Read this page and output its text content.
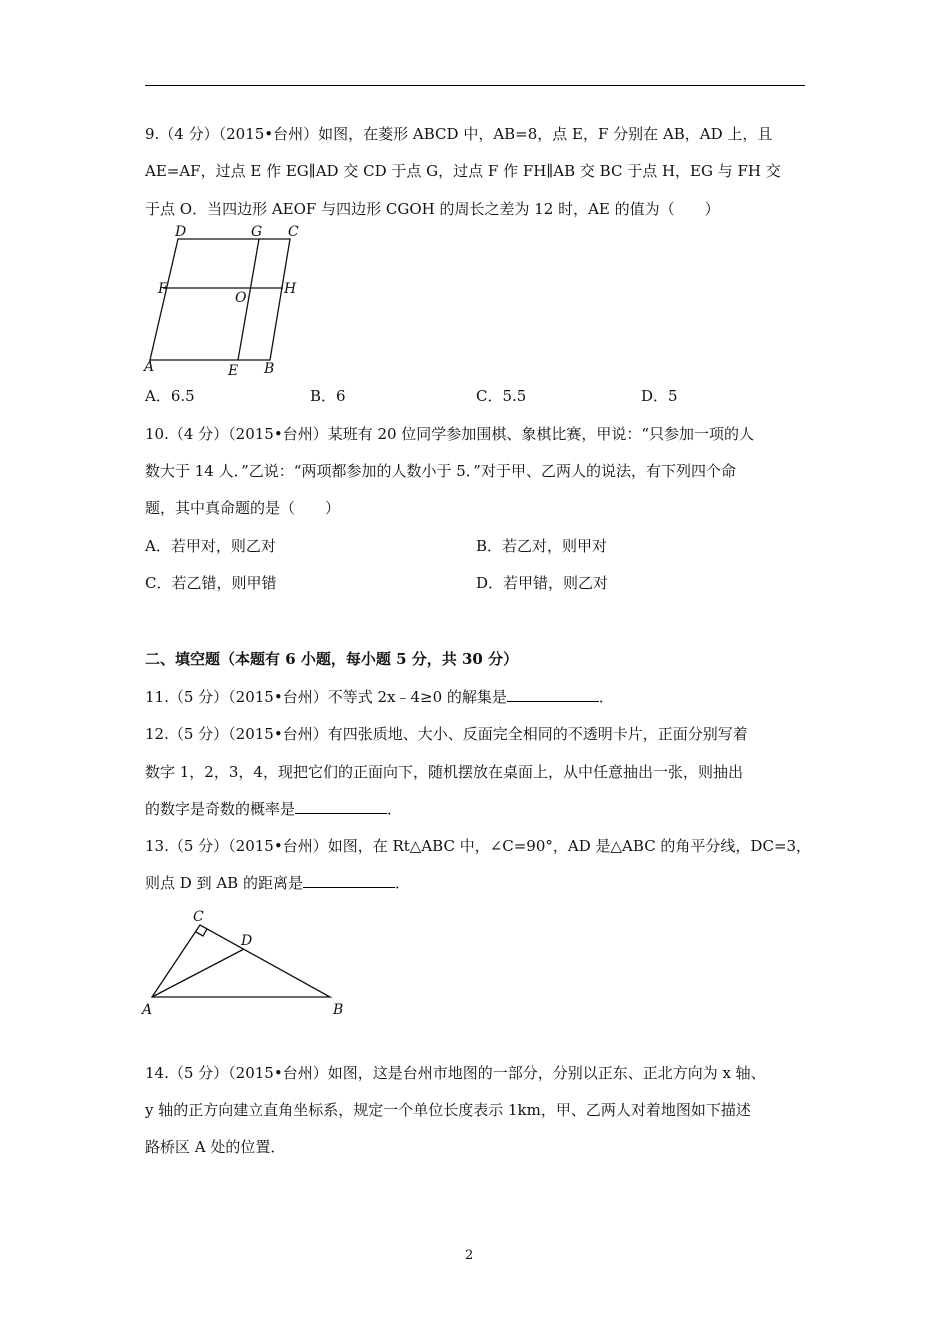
9.（4 分）（2015•台州）如图，在菱形 ABCD 中，AB=8，点 E，F 分别在 AB，AD 上，且
AE=AF，过点 E 作 EG∥AD 交 CD 于点 G，过点 F 作 FH∥AB 交 BC 于点 H，EG 与 FH 交
于点 O．当四边形 AEOF 与四边形 CGOH 的周长之差为 12 时，AE 的值为（　　）
D	G C
F
O
H
A	E B
A．6.5	B．6	C．5.5	D．5
10.（4 分）（2015•台州）某班有 20 位同学参加围棋、象棋比赛，甲说：“只参加一项的人
数大于 14 人．”乙说：“两项都参加的人数小于 5．”对于甲、乙两人的说法，有下列四个命
题，其中真命题的是（　　）
A．若甲对，则乙对	B．若乙对，则甲对
C．若乙错，则甲错	D．若甲错，则乙对
二、填空题（本题有 6 小题，每小题 5 分，共 30 分）
11.（5 分）（2015•台州）不等式 2x﹣4≥0 的解集是	．
12.（5 分）（2015•台州）有四张质地、大小、反面完全相同的不透明卡片，正面分别写着
数字 1，2，3，4，现把它们的正面向下，随机摆放在桌面上，从中任意抽出一张，则抽出
的数字是奇数的概率是	．
13.（5 分）（2015•台州）如图，在 Rt△ABC 中，∠C=90°，AD 是△ABC 的角平分线，DC=3，
则点 D 到 AB 的距离是	．
C
D
A	B
14.（5 分）（2015•台州）如图，这是台州市地图的一部分，分别以正东、正北方向为 x 轴、
y 轴的正方向建立直角坐标系，规定一个单位长度表示 1km，甲、乙两人对着地图如下描述
路桥区 A 处的位置．
2
